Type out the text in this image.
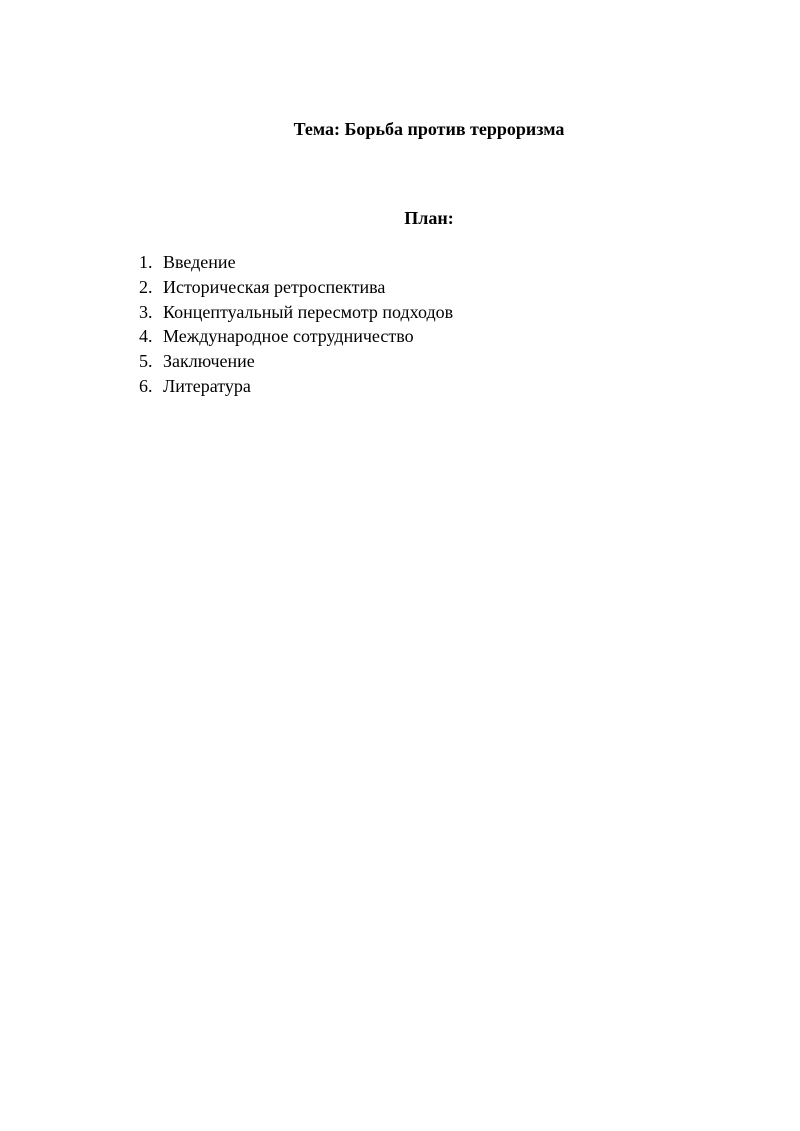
Тема: Борьба против терроризма
План:
1. Введение
2. Историческая ретроспектива
3. Концептуальный пересмотр подходов
4. Международное сотрудничество
5. Заключение
6. Литература
